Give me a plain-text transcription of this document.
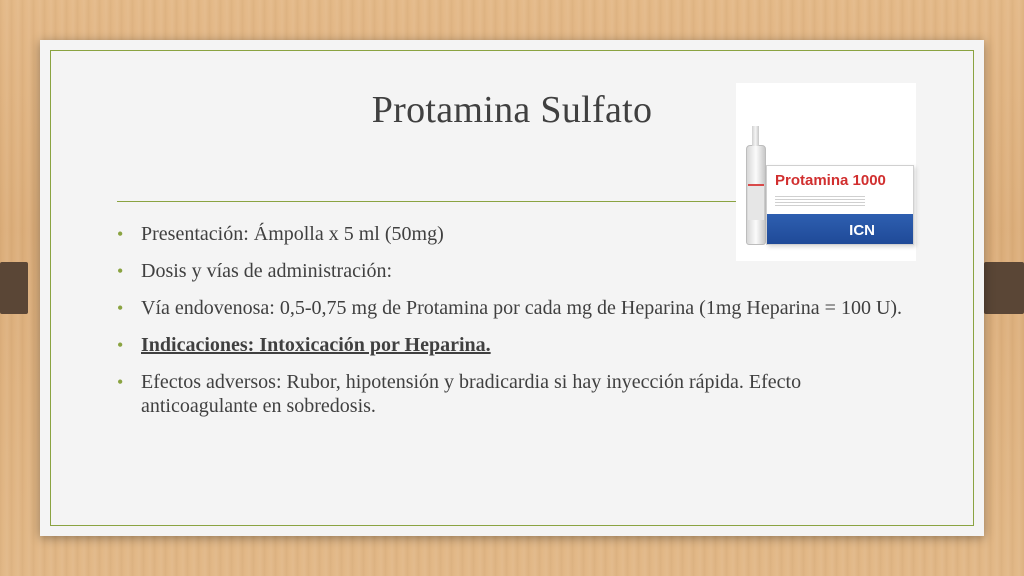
Protamina Sulfato
Protamina 1000
ICN
• Presentación: Ámpolla x 5 ml (50mg)
• Dosis y vías de administración:
• Vía endovenosa: 0,5-0,75 mg de Protamina por cada mg de Heparina (1mg Heparina = 100 U).
• Indicaciones: Intoxicación por Heparina.
• Efectos adversos: Rubor, hipotensión y bradicardia si hay inyección rápida. Efecto anticoagulante en sobredosis.
